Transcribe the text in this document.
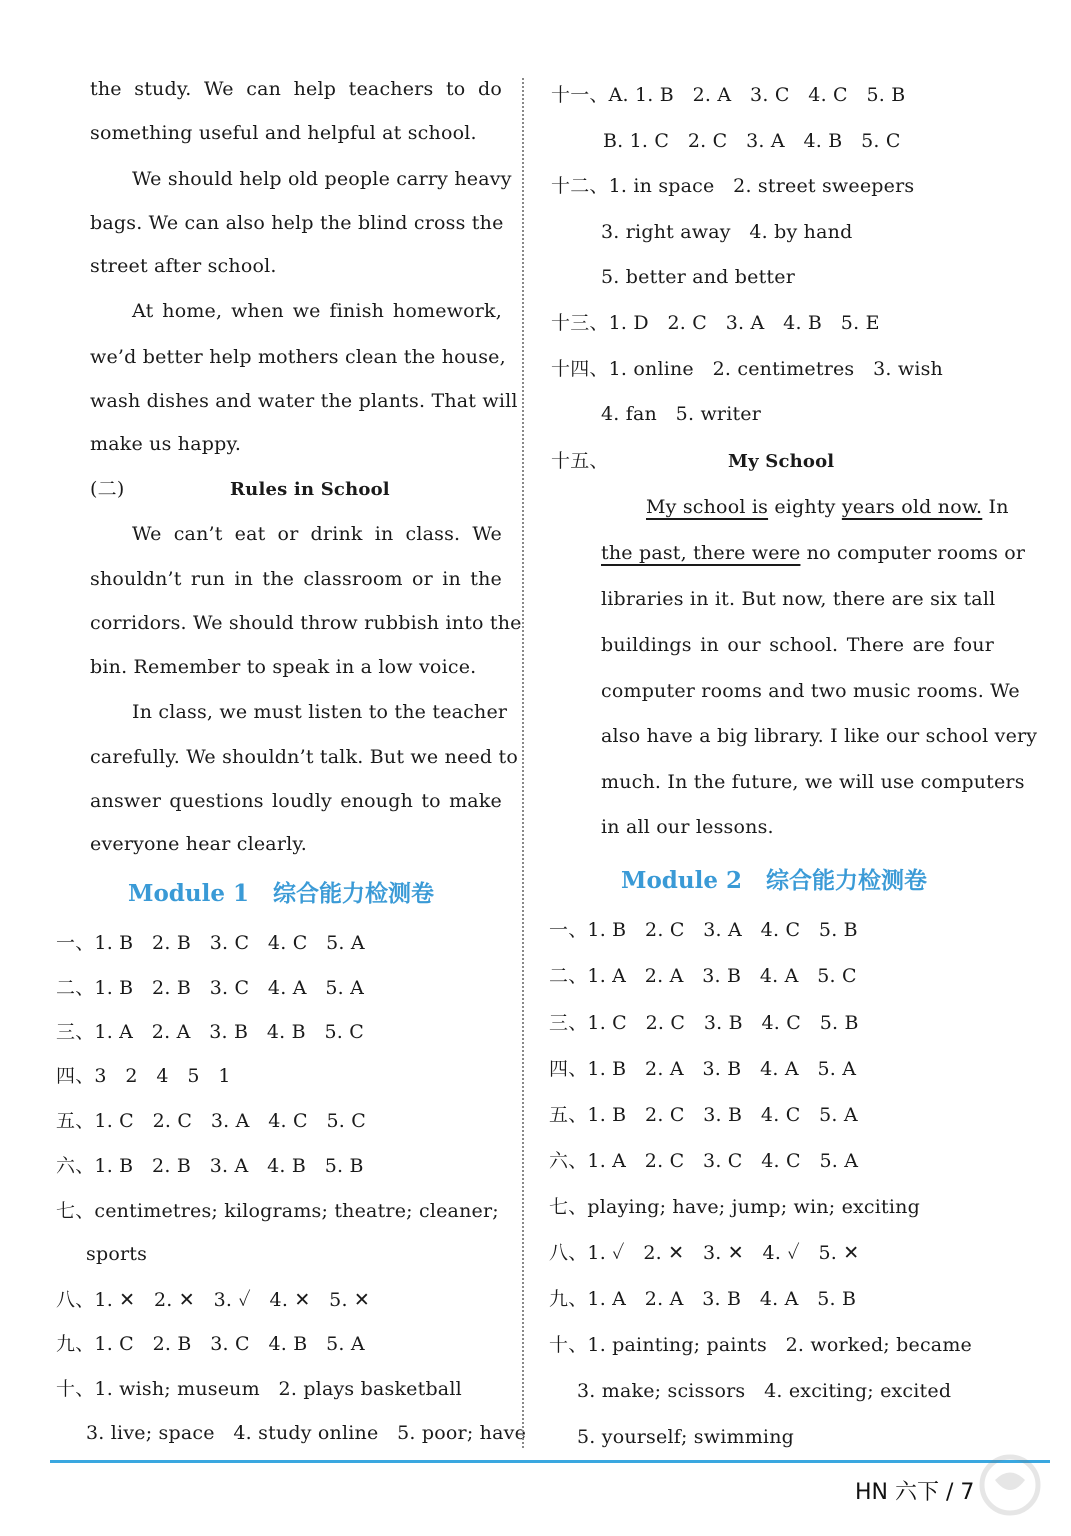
the study. We can help teachers to do
something useful and helpful at school.
We should help old people carry heavy
bags. We can also help the blind cross the
street after school.
At home, when we finish homework,
we’d better help mothers clean the house,
wash dishes and water the plants. That will
make us happy.
(二)	Rules in School
We can’t eat or drink in class. We
shouldn’t run in the classroom or in the
corridors. We should throw rubbish into the
bin. Remember to speak in a low voice.
In class, we must listen to the teacher
carefully. We shouldn’t talk. But we need to
answer questions loudly enough to make
everyone hear clearly.
Module 1   综合能力检测卷
一、1. B   2. B   3. C   4. C   5. A
二、1. B   2. B   3. C   4. A   5. A
三、1. A   2. A   3. B   4. B   5. C
四、3   2   4   5   1
五、1. C   2. C   3. A   4. C   5. C
六、1. B   2. B   3. A   4. B   5. B
七、centimetres; kilograms; theatre; cleaner;
sports
八、1. ✕   2. ✕   3. ✓   4. ✕   5. ✕
九、1. C   2. B   3. C   4. B   5. A
十、1. wish; museum   2. plays basketball
3. live; space   4. study online   5. poor; have
十一、A. 1. B   2. A   3. C   4. C   5. B
B. 1. C   2. C   3. A   4. B   5. C
十二、1. in space   2. street sweepers
3. right away   4. by hand
5. better and better
十三、1. D   2. C   3. A   4. B   5. E
十四、1. online   2. centimetres   3. wish
4. fan   5. writer
十五、	My School
My school is eighty years old now. In
the past, there were no computer rooms or
libraries in it. But now, there are six tall
buildings in our school. There are four
computer rooms and two music rooms. We
also have a big library. I like our school very
much. In the future, we will use computers
in all our lessons.
Module 2   综合能力检测卷
一、1. B   2. C   3. A   4. C   5. B
二、1. A   2. A   3. B   4. A   5. C
三、1. C   2. C   3. B   4. C   5. B
四、1. B   2. A   3. B   4. A   5. A
五、1. B   2. C   3. B   4. C   5. A
六、1. A   2. C   3. C   4. C   5. A
七、playing; have; jump; win; exciting
八、1. ✓   2. ✕   3. ✕   4. ✓   5. ✕
九、1. A   2. A   3. B   4. A   5. B
十、1. painting; paints   2. worked; became
3. make; scissors   4. exciting; excited
5. yourself; swimming
HN 六下 / 7
